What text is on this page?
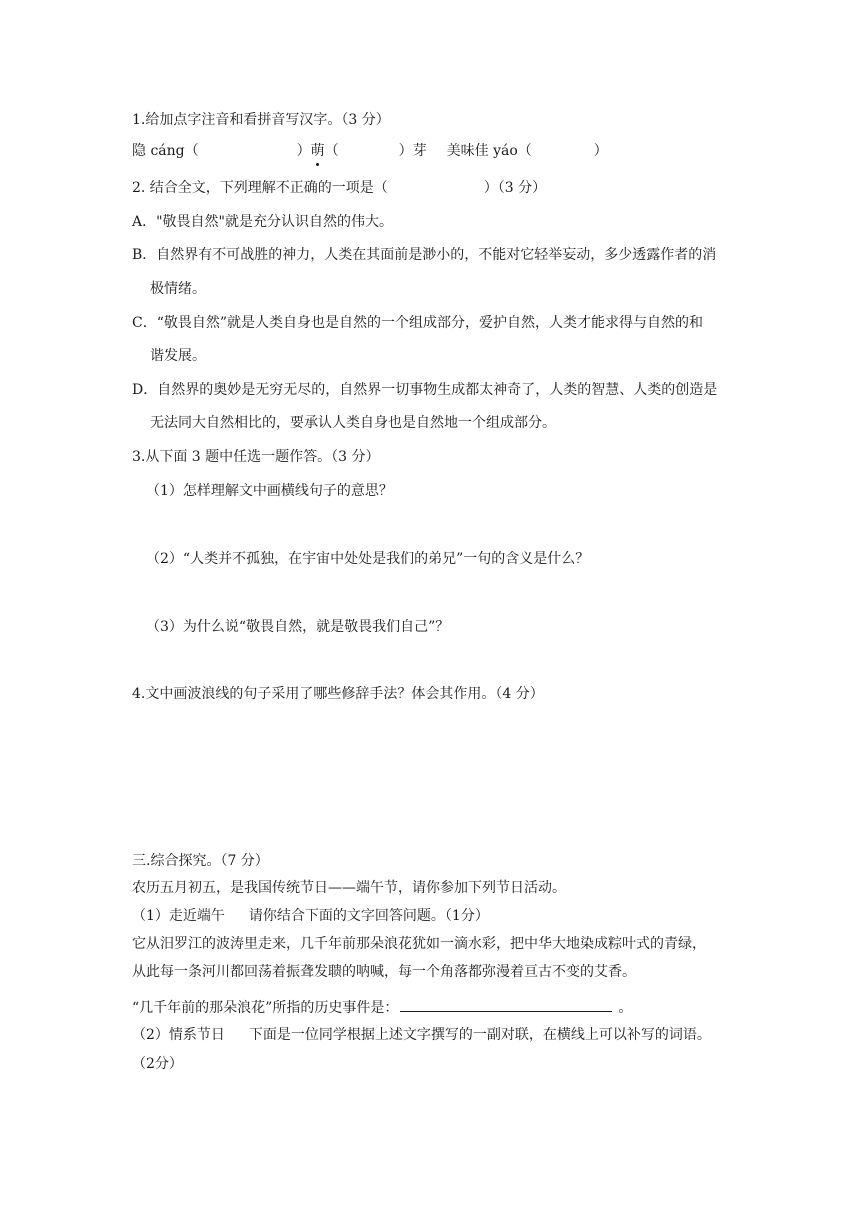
1.给加点字注音和看拼音写汉字。（3 分）
隐 cáng（	）萌（	）芽 美味佳 yáo（	）
2. 结合全文，下列理解不正确的一项是（	）（3 分）
A．"敬畏自然"就是充分认识自然的伟大。
B．自然界有不可战胜的神力，人类在其面前是渺小的，不能对它轻举妄动，多少透露作者的消
极情绪。
C．“敬畏自然”就是人类自身也是自然的一个组成部分，爱护自然，人类才能求得与自然的和
谐发展。
D．自然界的奥妙是无穷无尽的，自然界一切事物生成都太神奇了，人类的智慧、人类的创造是
无法同大自然相比的，要承认人类自身也是自然地一个组成部分。
3.从下面 3 题中任选一题作答。（3 分）
（1）怎样理解文中画横线句子的意思？
（2）“人类并不孤独，在宇宙中处处是我们的弟兄”一句的含义是什么？
（3）为什么说“敬畏自然，就是敬畏我们自己”？
4.文中画波浪线的句子采用了哪些修辞手法？体会其作用。（4 分）
三.综合探究。（7 分）
农历五月初五，是我国传统节日——端午节，请你参加下列节日活动。
（1）走近端午 请你结合下面的文字回答问题。（1分）
它从汨罗江的波涛里走来，几千年前那朵浪花犹如一滴水彩，把中华大地染成粽叶式的青绿，
从此每一条河川都回荡着振聋发聩的呐喊，每一个角落都弥漫着亘古不变的艾香。
“几千年前的那朵浪花”所指的历史事件是：	。
（2）情系节日 下面是一位同学根据上述文字撰写的一副对联，在横线上可以补写的词语。
（2分）
